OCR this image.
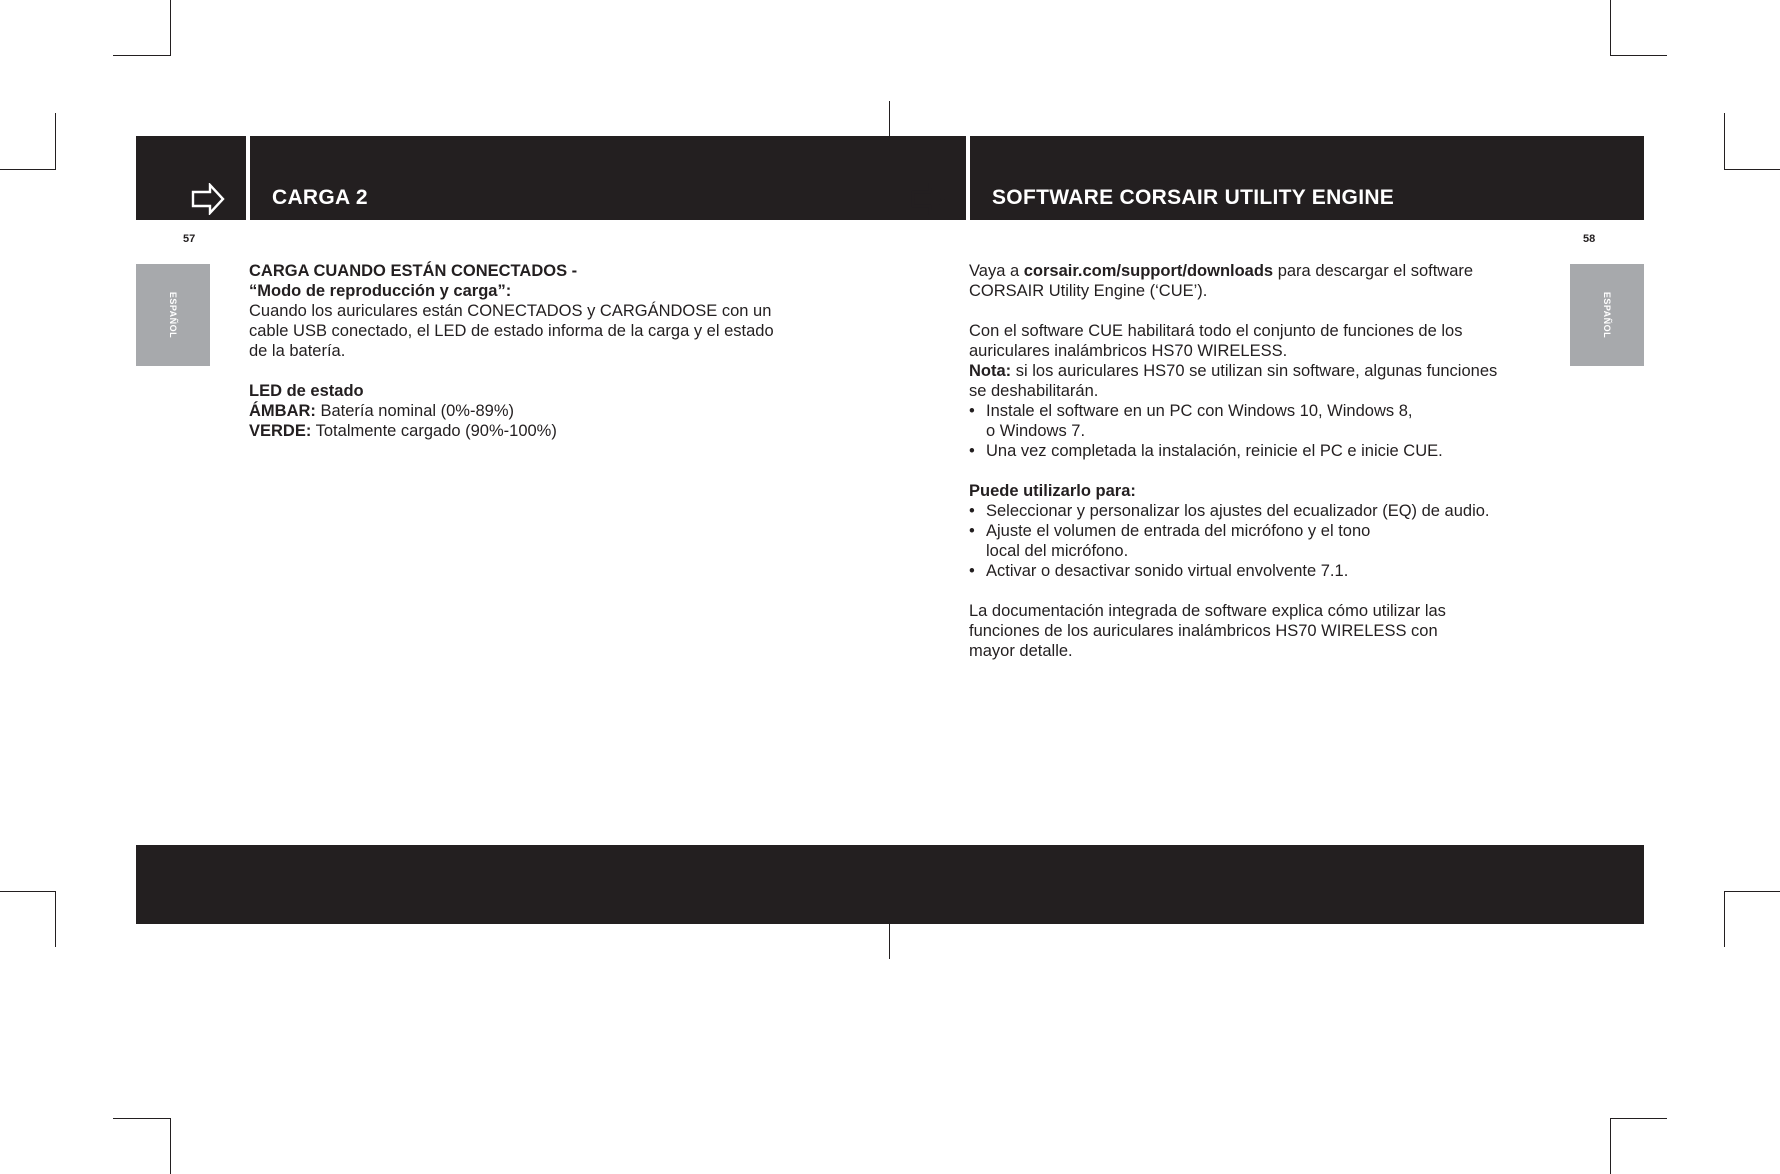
CARGA 2	SOFTWARE CORSAIR UTILITY ENGINE
57	58
ESPAÑOL	ESPAÑOL

CARGA CUANDO ESTÁN CONECTADOS -

“Modo de reproducción y carga”:

Cuando los auriculares están CONECTADOS y CARGÁNDOSE con un

cable USB conectado, el LED de estado informa de la carga y el estado

de la batería.

LED de estado

ÁMBAR: Batería nominal (0%-89%)

VERDE: Totalmente cargado (90%-100%)

Vaya a corsair.com/support/downloads para descargar el software

CORSAIR Utility Engine (‘CUE’).

Con el software CUE habilitará todo el conjunto de funciones de los

auriculares inalámbricos HS70 WIRELESS.

Nota: si los auriculares HS70 se utilizan sin software, algunas funciones

se deshabilitarán.

• Instale el software en un PC con Windows 10, Windows 8,
o Windows 7.

• Una vez completada la instalación, reinicie el PC e inicie CUE.

Puede utilizarlo para:

• Seleccionar y personalizar los ajustes del ecualizador (EQ) de audio.

• Ajuste el volumen de entrada del micrófono y el tono
local del micrófono.

• Activar o desactivar sonido virtual envolvente 7.1.

La documentación integrada de software explica cómo utilizar las

funciones de los auriculares inalámbricos HS70 WIRELESS con

mayor detalle.
